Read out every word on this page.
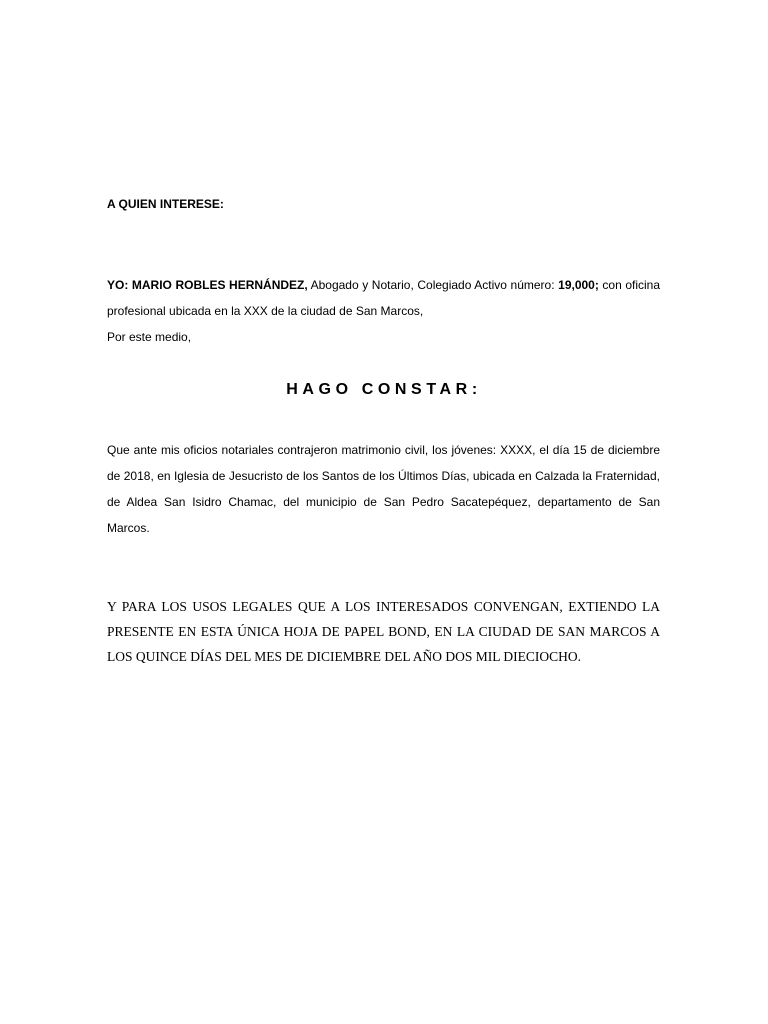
A QUIEN INTERESE:

YO: MARIO ROBLES HERNÁNDEZ, Abogado y Notario, Colegiado Activo número: 19,000; con oficina profesional ubicada en la XXX de la ciudad de San Marcos,

Por este medio,

HAGO CONSTAR:

Que ante mis oficios notariales contrajeron matrimonio civil, los jóvenes: XXXX, el día 15 de diciembre de 2018, en Iglesia de Jesucristo de los Santos de los Últimos Días, ubicada en Calzada la Fraternidad, de Aldea San Isidro Chamac, del municipio de San Pedro Sacatepéquez, departamento de San Marcos.

Y PARA LOS USOS LEGALES QUE A LOS INTERESADOS CONVENGAN, EXTIENDO LA PRESENTE EN ESTA ÚNICA HOJA DE PAPEL BOND, EN LA CIUDAD DE SAN MARCOS A LOS QUINCE DÍAS DEL MES DE DICIEMBRE DEL AÑO DOS MIL DIECIOCHO.
